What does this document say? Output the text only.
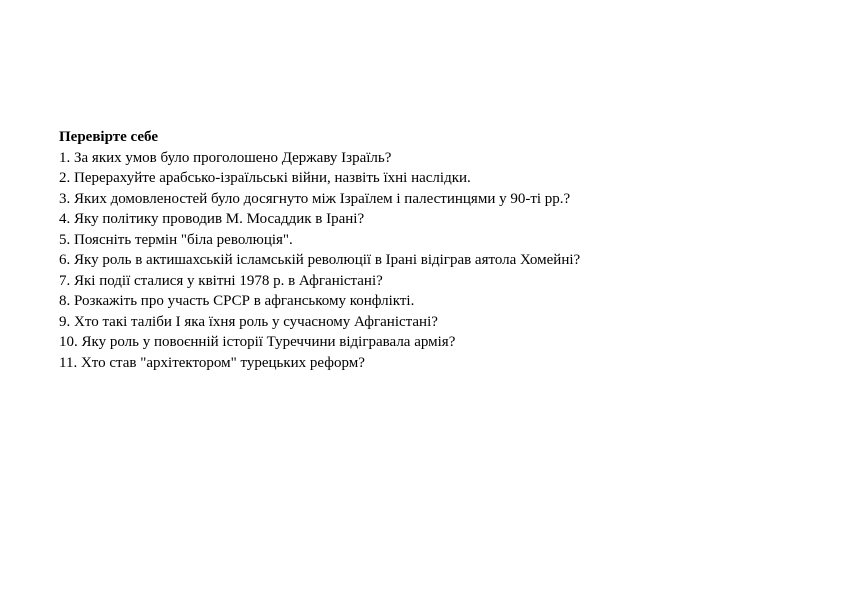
Перевірте себе

1. За яких умов було проголошено Державу Ізраїль?
2. Перерахуйте арабсько-ізраїльські війни, назвіть їхні наслідки.
3. Яких домовленостей було досягнуто між Ізраїлем і палестинцями у 90-ті рр.?
4. Яку політику проводив М. Мосаддик в Ірані?
5. Поясніть термін "біла революція".
6. Яку роль в актишахській ісламській революції в Ірані відіграв аятола Хомейні?
7. Які події сталися у квітні 1978 р. в Афганістані?
8. Розкажіть про участь СРСР в афганському конфлікті.
9. Хто такі таліби І яка їхня роль у сучасному Афганістані?
10. Яку роль у повоєнній історії Туреччини відігравала армія?
11. Хто став "архітектором" турецьких реформ?
